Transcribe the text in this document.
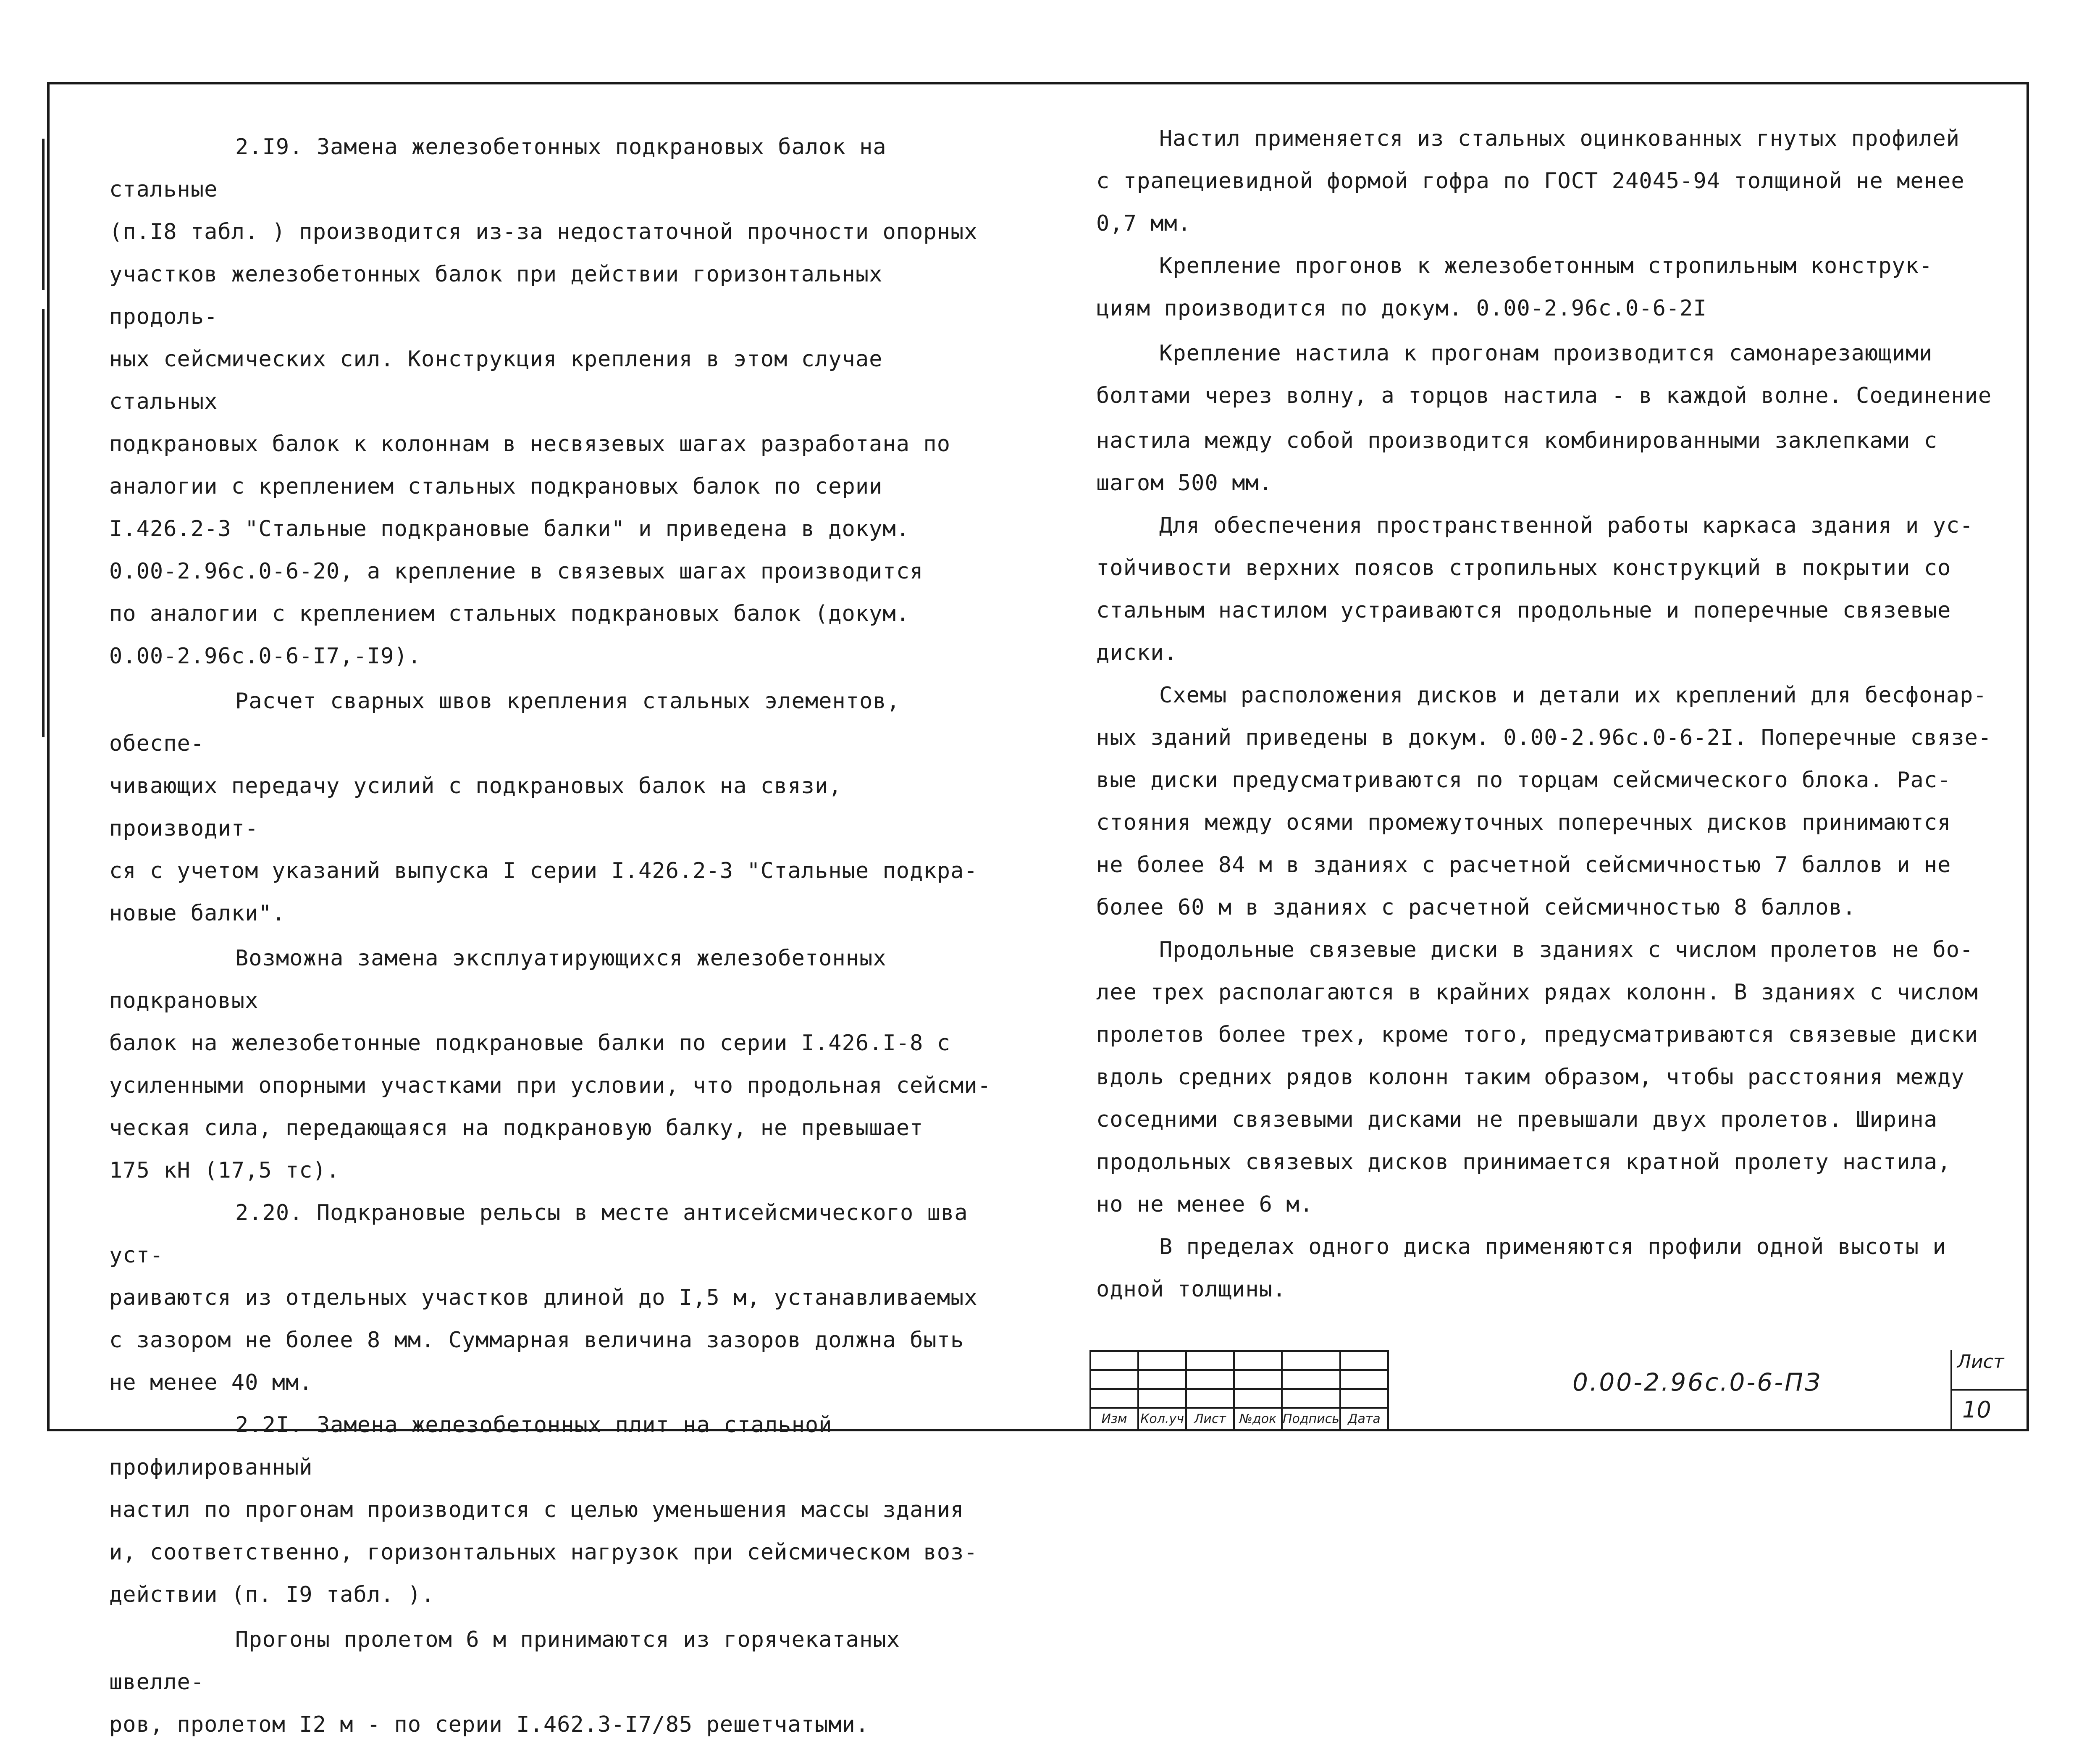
2.I9. Замена железобетонных подкрановых балок на стальные

(п.I8 табл. ) производится из-за недостаточной прочности опорных

участков железобетонных балок при действии горизонтальных продоль-

ных сейсмических сил. Конструкция крепления в этом случае стальных

подкрановых балок к колоннам в несвязевых шагах разработана по

аналогии с креплением стальных подкрановых балок по серии

I.426.2-3 "Стальные подкрановые балки" и приведена в докум.

0.00-2.96с.0-6-20, а крепление в связевых шагах производится

по аналогии с креплением стальных подкрановых балок (докум.

0.00-2.96с.0-6-I7,-I9).

Расчет сварных швов крепления стальных элементов, обеспе-

чивающих передачу усилий с подкрановых балок на связи, производит-

ся с учетом указаний выпуска I серии I.426.2-3 "Стальные подкра-

новые балки".

Возможна замена эксплуатирующихся железобетонных подкрановых

балок на железобетонные подкрановые балки по серии I.426.I-8 с

усиленными опорными участками при условии, что продольная сейсми-

ческая сила, передающаяся на подкрановую балку, не превышает

175 кН (17,5 тс).

2.20. Подкрановые рельсы в месте антисейсмического шва уст-

раиваются из отдельных участков длиной до I,5 м, устанавливаемых

с зазором не более 8 мм. Суммарная величина зазоров должна быть

не менее 40 мм.

2.2I. Замена железобетонных плит на стальной профилированный

настил по прогонам производится с целью уменьшения массы здания

и, соответственно, горизонтальных нагрузок при сейсмическом воз-

действии (п. I9 табл. ).

Прогоны пролетом 6 м принимаются из горячекатаных швелле-

ров, пролетом I2 м - по серии I.462.3-I7/85 решетчатыми.

Настил применяется из стальных оцинкованных гнутых профилей

с трапециевидной формой гофра по ГОСТ 24045-94 толщиной не менее

0,7 мм.

Крепление прогонов к железобетонным стропильным конструк-

циям производится по докум. 0.00-2.96с.0-6-2I

Крепление настила к прогонам производится самонарезающими

болтами через волну, а торцов настила - в каждой волне. Соединение

настила между собой производится комбинированными заклепками с

шагом 500 мм.

Для обеспечения пространственной работы каркаса здания и ус-

тойчивости верхних поясов стропильных конструкций в покрытии со

стальным настилом устраиваются продольные и поперечные связевые

диски.

Схемы расположения дисков и детали их креплений для бесфонар-

ных зданий приведены в докум. 0.00-2.96с.0-6-2I. Поперечные связе-

вые диски предусматриваются по торцам сейсмического блока. Рас-

стояния между осями промежуточных поперечных дисков принимаются

не более 84 м в зданиях с расчетной сейсмичностью 7 баллов и не

более 60 м в зданиях с расчетной сейсмичностью 8 баллов.

Продольные связевые диски в зданиях с числом пролетов не бо-

лее трех располагаются в крайних рядах колонн. В зданиях с числом

пролетов более трех, кроме того, предусматриваются связевые диски

вдоль средних рядов колонн таким образом, чтобы расстояния между

соседними связевыми дисками не превышали двух пролетов. Ширина

продольных связевых дисков принимается кратной пролету настила,

но не менее 6 м.

В пределах одного диска применяются профили одной высоты и

одной толщины.

Изм	Кол.уч	Лист	№док	Подпись	Дата
0.00-2.96с.0-6-ПЗ
Лист
10
